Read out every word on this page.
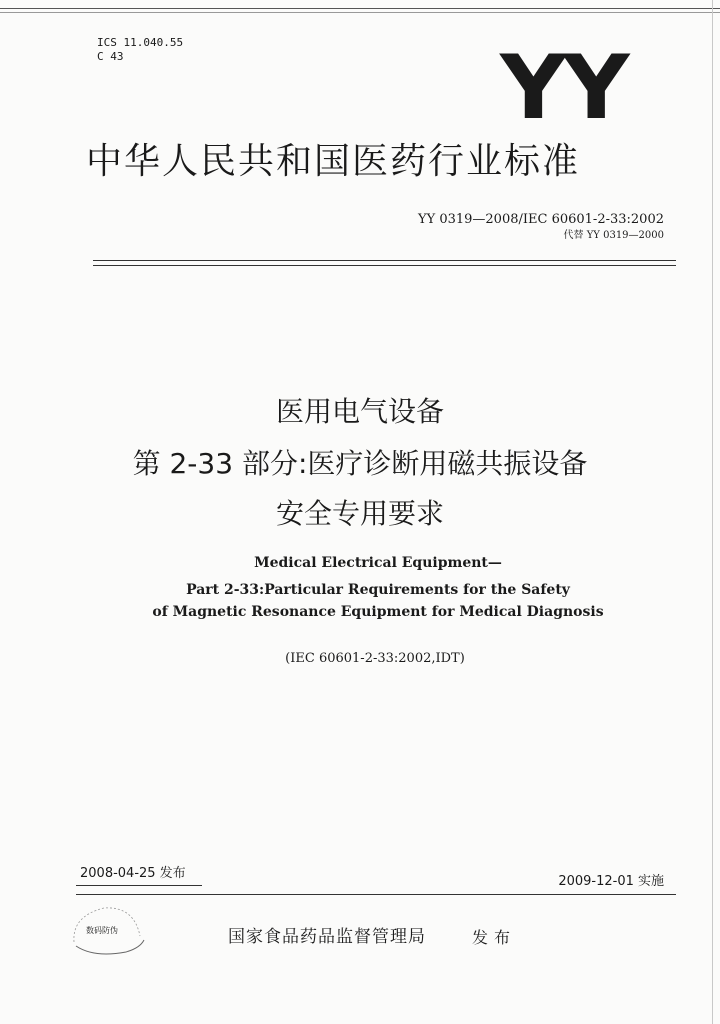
ICS 11.040.55
C 43	YY
中华人民共和国医药行业标准
YY 0319—2008/IEC 60601-2-33:2002
代替 YY 0319—2000
医用电气设备
第 2-33 部分:医疗诊断用磁共振设备
安全专用要求
Medical Electrical Equipment—
Part 2-33:Particular Requirements for the Safety
of Magnetic Resonance Equipment for Medical Diagnosis
(IEC 60601-2-33:2002,IDT)
2008-04-25 发布
2009-12-01 实施
数码防伪	国家食品药品监督管理局	发布
